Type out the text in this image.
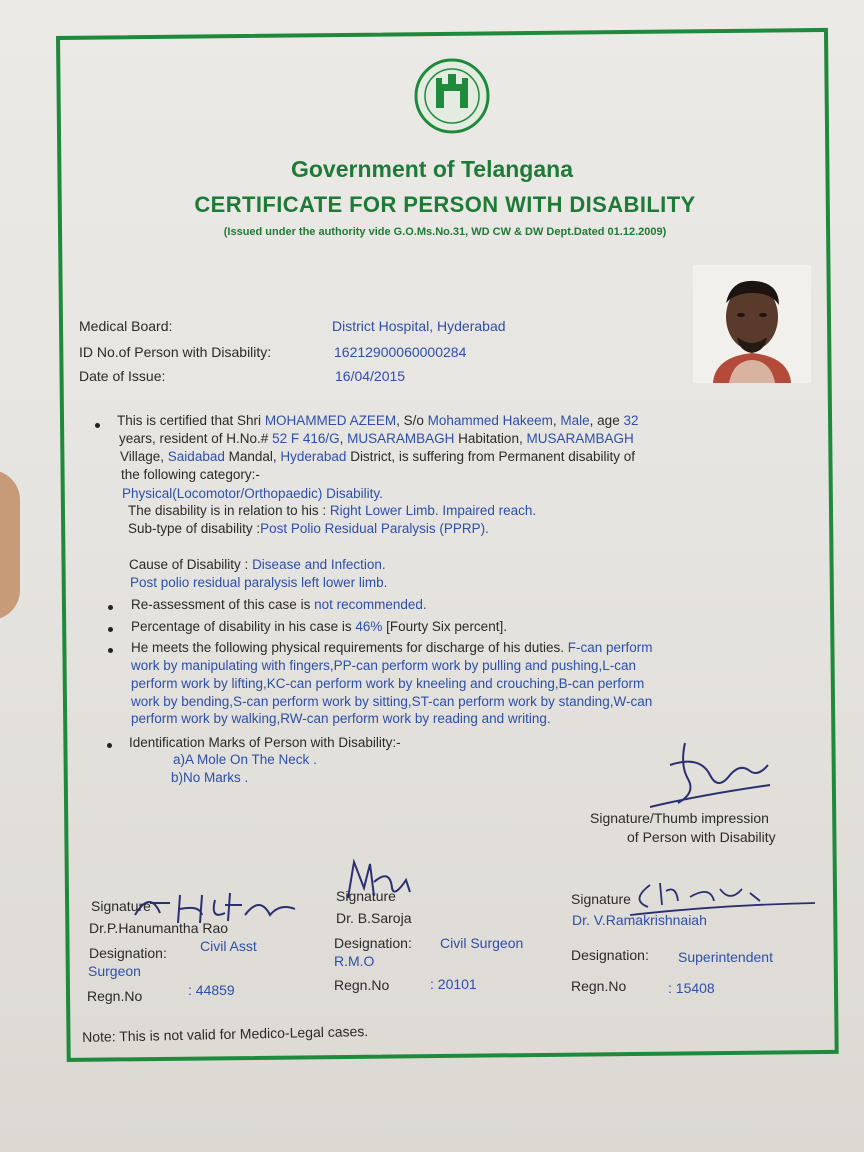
Government of Telangana
CERTIFICATE FOR PERSON WITH DISABILITY
(Issued under the authority vide G.O.Ms.No.31, WD CW & DW Dept.Dated 01.12.2009)
Medical Board:	District Hospital, Hyderabad
ID No.of Person with Disability:	16212900060000284
Date of Issue:	16/04/2015
This is certified that Shri MOHAMMED AZEEM, S/o Mohammed Hakeem, Male, age 32
years, resident of H.No.# 52 F 416/G, MUSARAMBAGH Habitation, MUSARAMBAGH
Village, Saidabad Mandal, Hyderabad District, is suffering from Permanent disability of
the following category:-
Physical(Locomotor/Orthopaedic) Disability.
The disability is in relation to his : Right Lower Limb. Impaired reach.
Sub-type of disability :Post Polio Residual Paralysis (PPRP).
Cause of Disability : Disease and Infection.
Post polio residual paralysis left lower limb.
Re-assessment of this case is not recommended.
Percentage of disability in his case is 46% [Fourty Six percent].
He meets the following physical requirements for discharge of his duties. F-can perform
work by manipulating with fingers,PP-can perform work by pulling and pushing,L-can
perform work by lifting,KC-can perform work by kneeling and crouching,B-can perform
work by bending,S-can perform work by sitting,ST-can perform work by standing,W-can
perform work by walking,RW-can perform work by reading and writing.
Identification Marks of Person with Disability:-
a)A Mole On The Neck .
b)No Marks .
Signature/Thumb impression
of Person with Disability
Signature
Dr.P.Hanumantha Rao
Designation: Civil Asst
Surgeon
Regn.No	: 44859
Signature
Dr. B.Saroja
Designation: Civil Surgeon
R.M.O
Regn.No	: 20101
Signature
Dr. V.Ramakrishnaiah
Designation: Superintendent
Regn.No	: 15408
Note: This is not valid for Medico-Legal cases.
